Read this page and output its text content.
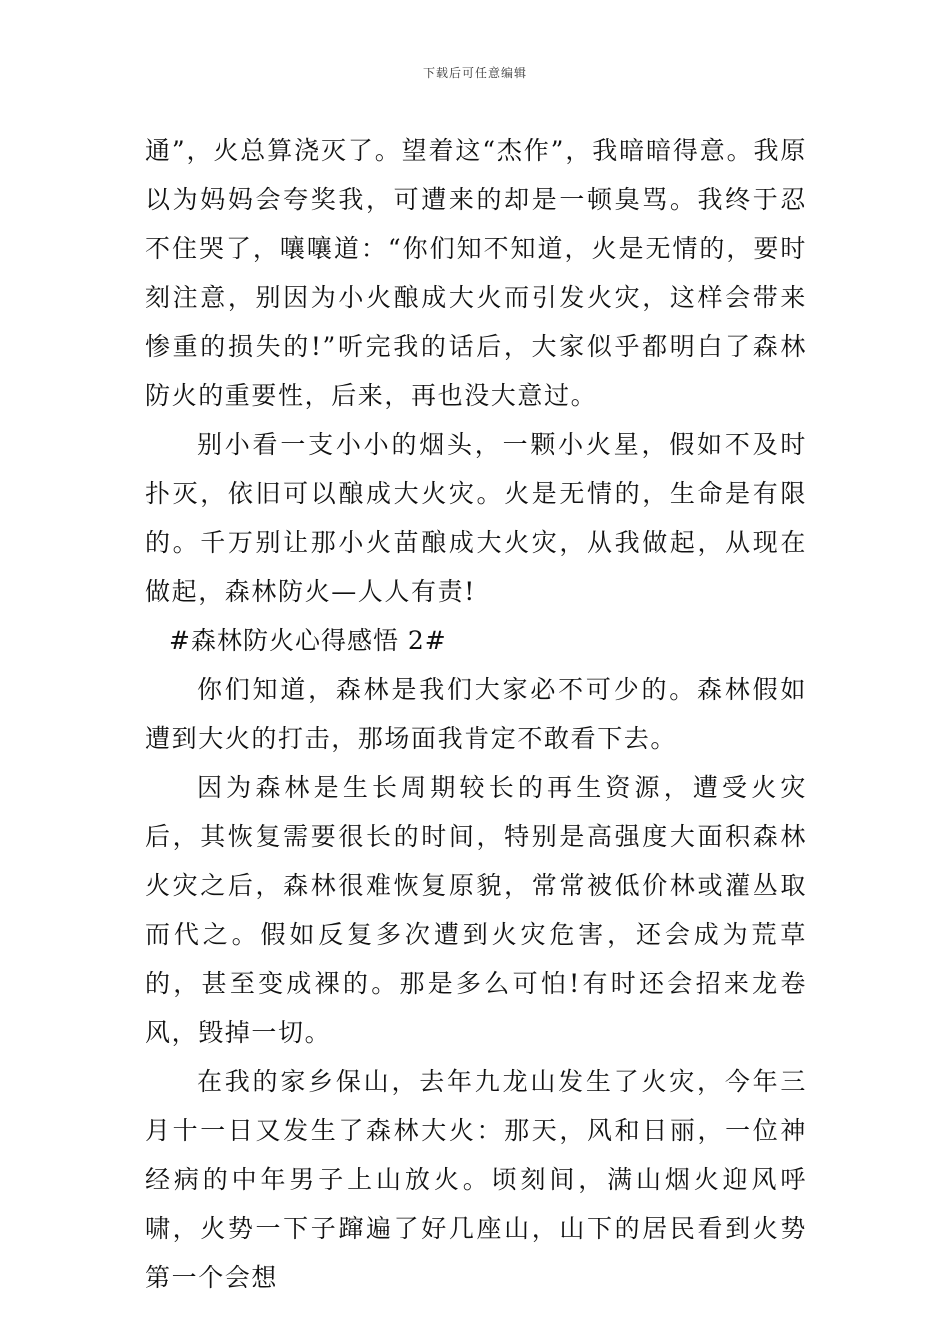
下载后可任意编辑

通”，火总算浇灭了。望着这“杰作”，我暗暗得意。我原以为妈妈会夸奖我，可遭来的却是一顿臭骂。我终于忍不住哭了，嚷嚷道：“你们知不知道，火是无情的，要时刻注意，别因为小火酿成大火而引发火灾，这样会带来惨重的损失的!”听完我的话后，大家似乎都明白了森林防火的重要性，后来，再也没大意过。

别小看一支小小的烟头，一颗小火星，假如不及时扑灭，依旧可以酿成大火灾。火是无情的，生命是有限的。千万别让那小火苗酿成大火灾，从我做起，从现在做起，森林防火—人人有责!

#森林防火心得感悟 2#

你们知道，森林是我们大家必不可少的。森林假如遭到大火的打击，那场面我肯定不敢看下去。

因为森林是生长周期较长的再生资源，遭受火灾后，其恢复需要很长的时间，特别是高强度大面积森林火灾之后，森林很难恢复原貌，常常被低价林或灌丛取而代之。假如反复多次遭到火灾危害，还会成为荒草的，甚至变成裸的。那是多么可怕!有时还会招来龙卷风，毁掉一切。

在我的家乡保山，去年九龙山发生了火灾，今年三月十一日又发生了森林大火：那天，风和日丽，一位神经病的中年男子上山放火。顷刻间，满山烟火迎风呼啸，火势一下子蹿遍了好几座山，山下的居民看到火势第一个会想
